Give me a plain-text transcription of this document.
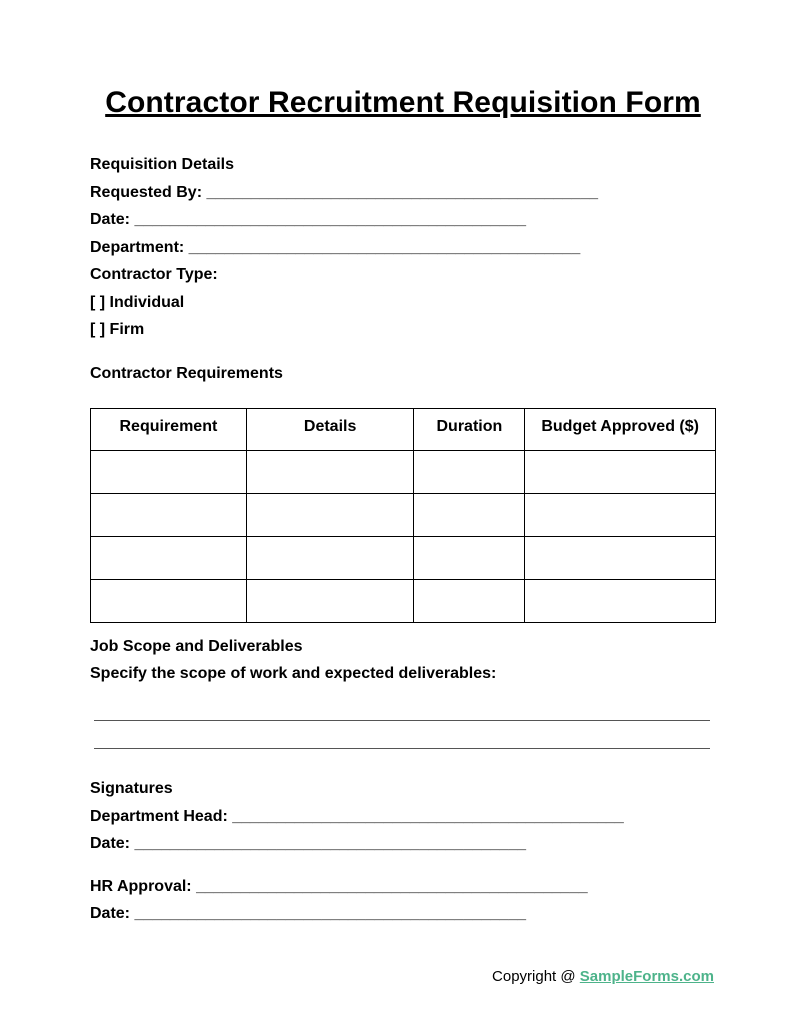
Contractor Recruitment Requisition Form
Requisition Details
Requested By: ____________________________________________
Date: ____________________________________________
Department: ____________________________________________
Contractor Type:
[ ] Individual
[ ] Firm
Contractor Requirements
Requirement	Details	Duration	Budget Approved ($)

Job Scope and Deliverables
Specify the scope of work and expected deliverables:
Signatures
Department Head: ____________________________________________
Date: ____________________________________________
HR Approval: ____________________________________________
Date: ____________________________________________
Copyright @ SampleForms.com
